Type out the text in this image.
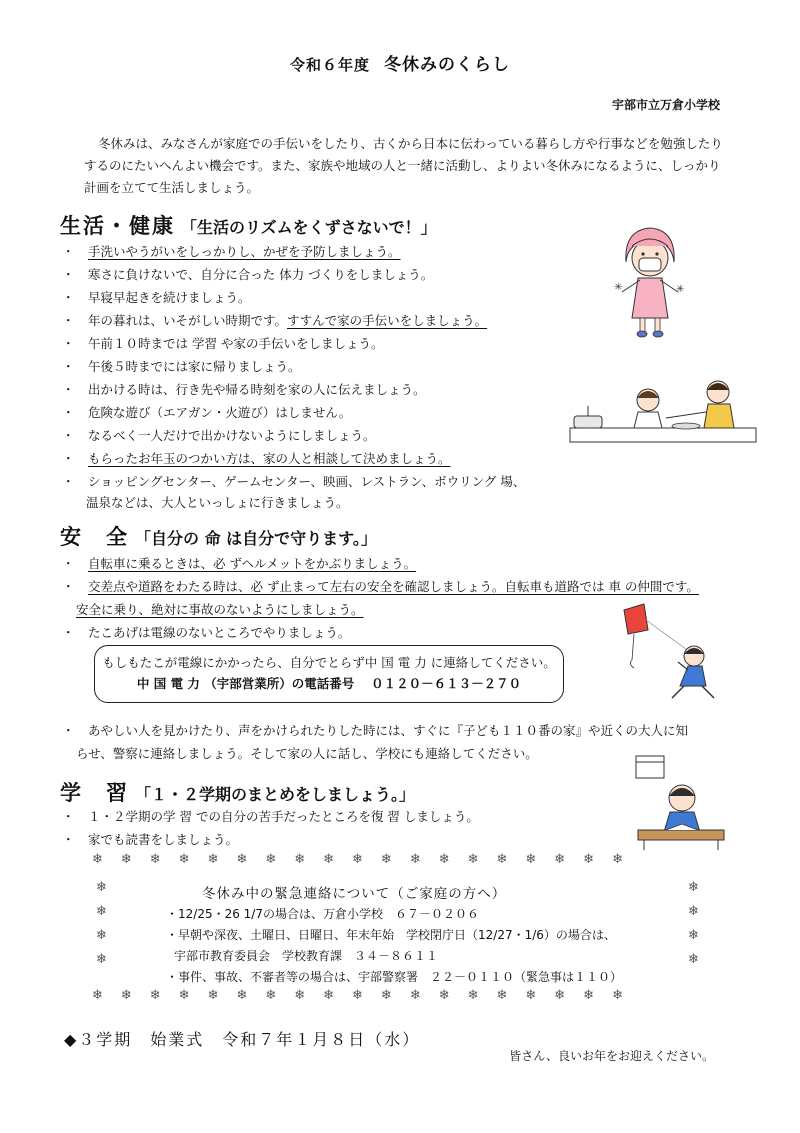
令和６年度 冬休みのくらし
宇部市立万倉小学校
冬休みは、みなさんが家庭での手伝いをしたり、古くから日本に伝わっている暮らし方や行事などを勉強したりするのにたいへんよい機会です。また、家族や地域の人と一緒に活動し、よりよい冬休みになるように、しっかり計画を立てて生活しましょう。
生活・健康 「生活のリズムをくずさないで！」
・ 手洗いやうがいをしっかりし、かぜを予防しましょう。
・ 寒さに負けないで、自分に合った 体力 づくりをしましょう。
・ 早寝早起きを続けましょう。
・ 年の暮れは、いそがしい時期です。すすんで家の手伝いをしましょう。
・ 午前１０時までは 学習 や家の手伝いをしましょう。
・ 午後５時までには家に帰りましょう。
・ 出かける時は、行き先や帰る時刻を家の人に伝えましょう。
・ 危険な遊び（エアガン・火遊び）はしません。
・ なるべく一人だけで出かけないようにしましょう。
・ もらったお年玉のつかい方は、家の人と相談して決めましょう。
・ ショッピングセンター、ゲームセンター、映画、レストラン、ボウリング 場、
温泉などは、大人といっしょに行きましょう。
安　全 「自分の 命 は自分で守ります。」
・ 自転車に乗るときは、必 ずヘルメットをかぶりましょう。
・ 交差点や道路をわたる時は、必 ず止まって左右の安全を確認しましょう。自転車も道路では 車 の仲間です。
安全に乗り、絶対に事故のないようにしましょう。
・ たこあげは電線のないところでやりましょう。
もしもたこが電線にかかったら、自分でとらず中 国 電 力 に連絡してください。
中 国 電 力 （宇部営業所）の電話番号　 ０１２０－６１３－２７０
・ あやしい人を見かけたり、声をかけられたりした時には、すぐに『子ども１１０番の家』や近くの大人に知
らせ、警察に連絡しましょう。そして家の人に話し、学校にも連絡してください。
学　習 「１・２学期のまとめをしましょう。」
・ １・２学期の学 習 での自分の苦手だったところを復 習 しましょう。
・ 家でも読書をしましょう。
❄❄❄❄❄❄❄❄❄❄❄❄❄❄❄❄❄❄❄
❄❄❄❄❄❄❄❄❄❄❄❄❄❄❄❄❄❄❄
❄
❄
❄
❄
❄
❄
❄
❄
冬休み中の緊急連絡について（ご家庭の方へ）
・12/25・26 1/7の場合は、万倉小学校　６７－０２０６
・早朝や深夜、土曜日、日曜日、年末年始　学校閉庁日（12/27・1/6）の場合は、
宇部市教育委員会　学校教育課　３４－８６１１
・事件、事故、不審者等の場合は、宇部警察署　２２－０１１０（緊急事は１１０）
◆３学期　始業式　令和７年１月８日（水）
皆さん、良いお年をお迎えください。
✳	✳
